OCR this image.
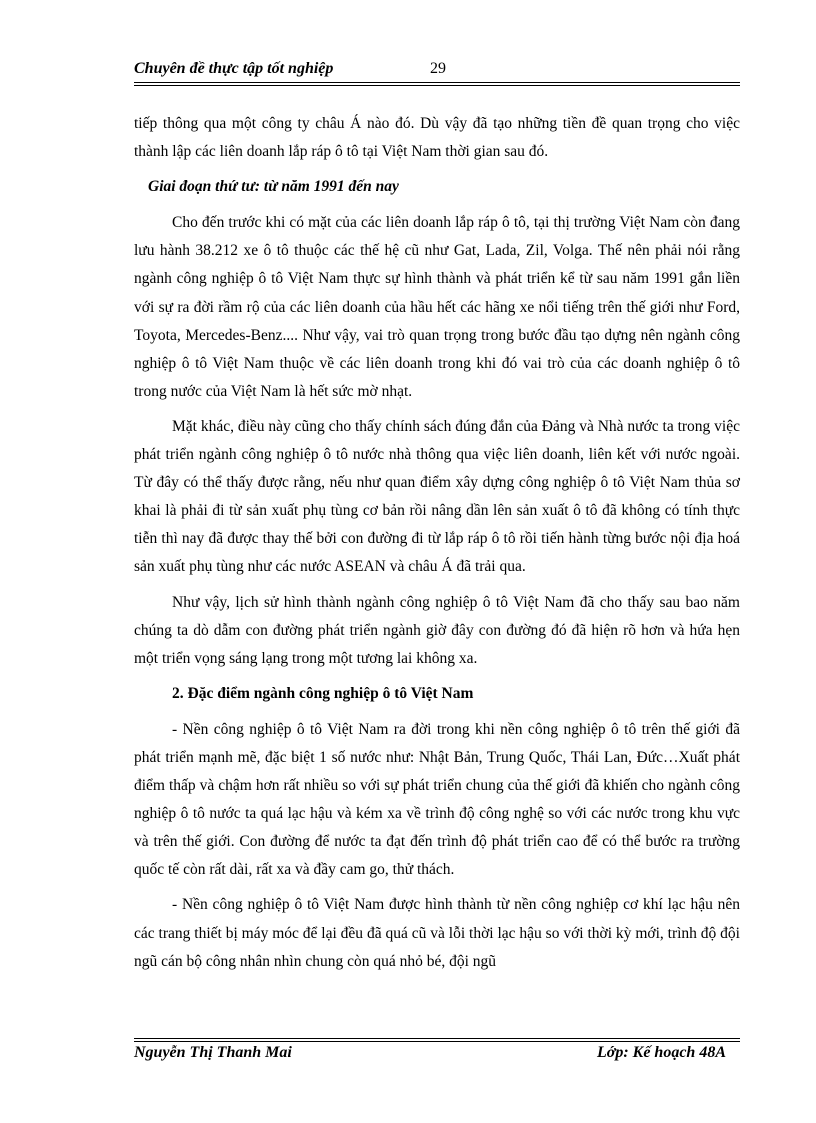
Chuyên đề thực tập tốt nghiệp	29

tiếp thông qua một công ty châu Á nào đó. Dù vậy đã tạo những tiền đề quan trọng cho việc thành lập các liên doanh lắp ráp ô tô tại Việt Nam thời gian sau đó.

Giai đoạn thứ tư: từ năm 1991 đến nay

Cho đến trước khi có mặt của các liên doanh lắp ráp ô tô, tại thị trường Việt Nam còn đang lưu hành 38.212 xe ô tô thuộc các thế hệ cũ như Gat, Lada, Zil, Volga. Thế nên phải nói rằng ngành công nghiệp ô tô Việt Nam thực sự hình thành và phát triển kể từ sau năm 1991 gắn liền với sự ra đời rầm rộ của các liên doanh của hầu hết các hãng xe nổi tiếng trên thế giới như Ford, Toyota, Mercedes-Benz.... Như vậy, vai trò quan trọng trong bước đầu tạo dựng nên ngành công nghiệp ô tô Việt Nam thuộc về các liên doanh trong khi đó vai trò của các doanh nghiệp ô tô trong nước của Việt Nam là hết sức mờ nhạt.

Mặt khác, điều này cũng cho thấy chính sách đúng đắn của Đảng và Nhà nước ta trong việc phát triển ngành công nghiệp ô tô nước nhà thông qua việc liên doanh, liên kết với nước ngoài. Từ đây có thể thấy được rằng, nếu như quan điểm xây dựng công nghiệp ô tô Việt Nam thủa sơ khai là phải đi từ sản xuất phụ tùng cơ bản rồi nâng dần lên sản xuất ô tô đã không có tính thực tiễn thì nay đã được thay thế bởi con đường đi từ lắp ráp ô tô rồi tiến hành từng bước nội địa hoá sản xuất phụ tùng như các nước ASEAN và châu Á đã trải qua.

Như vậy, lịch sử hình thành ngành công nghiệp ô tô Việt Nam đã cho thấy sau bao năm chúng ta dò dẫm con đường phát triển ngành giờ đây con đường đó đã hiện rõ hơn và hứa hẹn một triển vọng sáng lạng trong một tương lai không xa.

2. Đặc điểm ngành công nghiệp ô tô Việt Nam

- Nền công nghiệp ô tô Việt Nam ra đời trong khi nền công nghiệp ô tô trên thế giới đã phát triển mạnh mẽ, đặc biệt 1 số nước như: Nhật Bản, Trung Quốc, Thái Lan, Đức…Xuất phát điểm thấp và chậm hơn rất nhiều so với sự phát triển chung của thế giới đã khiến cho ngành công nghiệp ô tô nước ta quá lạc hậu và kém xa về trình độ công nghệ so với các nước trong khu vực và trên thế giới. Con đường để nước ta đạt đến trình độ phát triển cao để có thể bước ra trường quốc tế còn rất dài, rất xa và đầy cam go, thử thách.

- Nền công nghiệp ô tô Việt Nam được hình thành từ nền công nghiệp cơ khí lạc hậu nên các trang thiết bị máy móc để lại đều đã quá cũ và lỗi thời lạc hậu so với thời kỳ mới, trình độ đội ngũ cán bộ công nhân nhìn chung còn quá nhỏ bé, đội ngũ

Nguyễn Thị Thanh Mai	Lớp: Kế hoạch 48A
